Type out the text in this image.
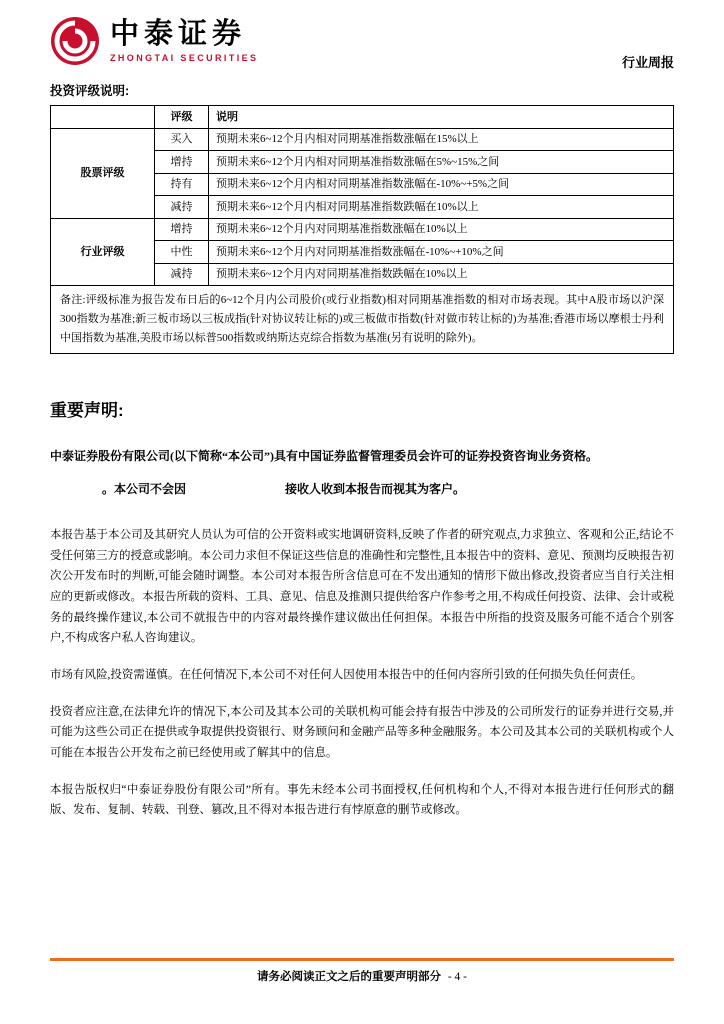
中泰证券
ZHONGTAI SECURITIES	行业周报
投资评级说明:
	评级	说明
股票评级	买入	预期未来6~12个月内相对同期基准指数涨幅在15%以上
	增持	预期未来6~12个月内相对同期基准指数涨幅在5%~15%之间
	持有	预期未来6~12个月内相对同期基准指数涨幅在-10%~+5%之间
	减持	预期未来6~12个月内相对同期基准指数跌幅在10%以上
行业评级	增持	预期未来6~12个月内对同期基准指数涨幅在10%以上
	中性	预期未来6~12个月内对同期基准指数涨幅在-10%~+10%之间
	减持	预期未来6~12个月内对同期基准指数跌幅在10%以上
备注:评级标准为报告发布日后的6~12个月内公司股价(或行业指数)相对同期基准指数的相对市场表现。其中A股市场以沪深300指数为基准;新三板市场以三板成指(针对协议转让标的)或三板做市指数(针对做市转让标的)为基准;香港市场以摩根士丹利中国指数为基准,美股市场以标普500指数或纳斯达克综合指数为基准(另有说明的除外)。		
重要声明:

中泰证券股份有限公司(以下简称“本公司”)具有中国证券监督管理委员会许可的证券投资咨询业务资格。

。本公司不会因	接收人收到本报告而视其为客户。

本报告基于本公司及其研究人员认为可信的公开资料或实地调研资料,反映了作者的研究观点,力求独立、客观和公正,结论不受任何第三方的授意或影响。本公司力求但不保证这些信息的准确性和完整性,且本报告中的资料、意见、预测均反映报告初次公开发布时的判断,可能会随时调整。本公司对本报告所含信息可在不发出通知的情形下做出修改,投资者应当自行关注相应的更新或修改。本报告所载的资料、工具、意见、信息及推测只提供给客户作参考之用,不构成任何投资、法律、会计或税务的最终操作建议,本公司不就报告中的内容对最终操作建议做出任何担保。本报告中所指的投资及服务可能不适合个别客户,不构成客户私人咨询建议。

市场有风险,投资需谨慎。在任何情况下,本公司不对任何人因使用本报告中的任何内容所引致的任何损失负任何责任。

投资者应注意,在法律允许的情况下,本公司及其本公司的关联机构可能会持有报告中涉及的公司所发行的证券并进行交易,并可能为这些公司正在提供或争取提供投资银行、财务顾问和金融产品等多种金融服务。本公司及其本公司的关联机构或个人可能在本报告公开发布之前已经使用或了解其中的信息。

本报告版权归“中泰证券股份有限公司”所有。事先未经本公司书面授权,任何机构和个人,不得对本报告进行任何形式的翻版、发布、复制、转载、刊登、篡改,且不得对本报告进行有悖原意的删节或修改。

请务必阅读正文之后的重要声明部分 - 4 -
